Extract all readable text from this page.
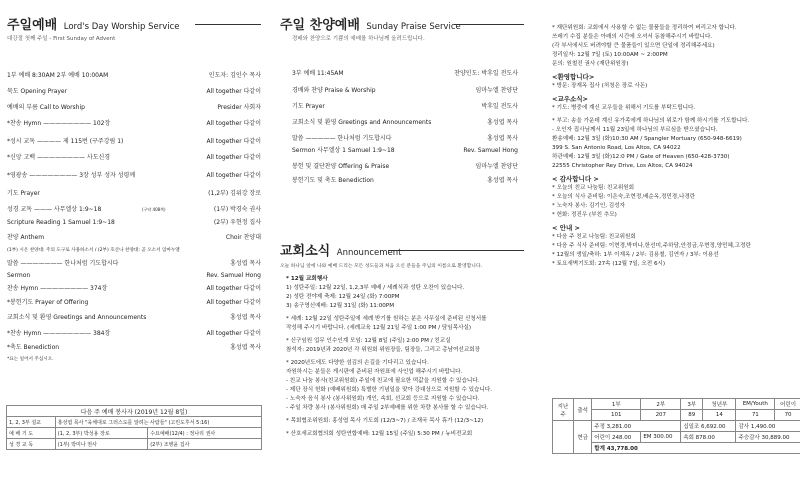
주일예배 Lord's Day Worship Service
대강절 첫째 주일 - First Sunday of Advent
1부 예배 8:30AM 2부 예배 10:00AM	인도자: 김인수 목사
묵도 Opening Prayer	All together 다같이
예배의 부름 Call to Worship	Presider 사회자
*찬송 Hymn ———————— 102장	All together 다같이
*성시 교독 ———— 제 115번 (구주강림 1)	All together 다같이
*신앙 고백 ———————— 사도신경	All together 다같이
*영광송 ———————— 3장 성부 성자 성령께	All together 다같이
기도 Prayer	(1,2부) 김위강 장로
성경 교독 ——— 사무엘상 1:9~18	(구약 408쪽)	(1부) 박경숙 권사
Scripture Reading 1 Samuel 1:9~18	(2부) 우현정 집사
찬양 Anthem	Choir 찬양대
(1부) 시온 찬양대: 주의 도구로 사용하소서 / (2부) 호산나 찬양대: 곧 오소서 임마누엘
말씀 ——————— 한나처럼 기도합시다	홍성엽 목사
Sermon	Rev. Samuel Hong
찬송 Hymn ———————— 374장	All together 다같이
*봉헌기도 Prayer of Offering	All together 다같이
교회소식 및 환영 Greetings and Announcements	홍성엽 목사
*찬송 Hymn ———————— 384장	All together 다같이
*축도 Benediction	홍성엽 목사
*표는 일어서 주십시오.
다음 주 예배 봉사자 (2019년 12월 8일)		
1, 2, 3부 설교	홍성엽 목사 "육체대로 그러스도를 알려는 사람들" (고린도후서 5:16)	
예 배 기 도	(1, 2, 3부) 박성용 장로	수요예배(12/4) : 정나리 권사
성 경 교 독	(1부) 박미나 권사	(2부) 조병윤 집사
주일 찬양예배 Sunday Praise Service
경배와 찬양으로 기쁨의 예배를 하나님께 올려드립니다.
3부 예배 11:45AM	찬양인도: 박후일 전도사
경배와 찬양 Praise & Worship	임마누엘 찬양단
기도 Prayer	박후일 전도사
교회소식 및 환영 Greetings and Announcements	홍성엽 목사
말씀 ————— 한나처럼 기도합시다	홍성엽 목사
Sermon 사무엘상 1 Samuel 1:9~18	Rev. Samuel Hong
봉헌 및 결단찬양 Offering & Praise	임마누엘 찬양단
봉헌기도 및 축도 Benediction	홍성엽 목사
교회소식 Announcement
오늘 하나님 앞에 나와 예배 드리는 모든 성도들과 처음 오신 분들을 주님의 이름으로 환영합니다.

* 12월 교회행사

1) 성탄주일: 12월 22일, 1,2,3부 예배 / 세례식과 성탄 오찬이 있습니다.

2) 성탄 전야제 축제: 12월 24일 (화) 7:00PM

3) 송구영신예배: 12월 31일 (화) 11:00PM

* 세례: 12월 22일 성탄주일에 세례 받기를 원하는 분은 사무실에 준비된 신청서를

작성해 주시기 바랍니다. (세례교육 12월 21일 주일 1:00 PM / 담임목사실)

* 신구임원 업무 인수인계 모임: 12월 8일 (주일) 2:00 PM / 친교실

참석자: 2019년과 2020년 각 위원회 위원장들, 팀장들, 그리고 총남여선교회장

* 2020년도에도 다양한 섬김의 손길을 기다리고 있습니다.

자원하시는 분들은 게시판에 준비된 자원표에 사인업 해주시기 바랍니다.

- 친교 나눔 봉사(친교위원회) 주일에 친교에 필요한 떡값을 지원할 수 있습니다.

- 제단 장식 헌화 (예배위원회) 특별한 기념일을 맞아 강대상으로 지원할 수 있습니다.

- 노숙자 음식 봉사 (봉사위원회) 개인, 속회, 선교회 등으로 지원할 수 있습니다.

- 주일 차량 봉사 (봉사위원회) 매 주일 2부예배를 위한 차량 봉사를 할 수 있습니다.

* 목회협조위원회: 홍성엽 목사 기도회 (12/3~7) / 조재국 목사 휴가 (12/3~12)

* 산호세교회협의회 성탄연합예배: 12월 15일 (주일) 5:30 PM / 뉴비전교회

* 재단위원회: 교회에서 사용할 수 없는 물품들을 정리하여 버리고자 합니다.

쓰레기 수집 분들은 아래의 시간에 오셔서 동참해주시기 바랍니다.

(각 부서에서도 버려야할 큰 물품들이 있으면 단일에 정리해주세요)

정리일자: 12월 7일 (토) 10:00AM ~ 2:00PM

문의: 원철진 권사 (재단위원장)

<환영합니다>

* 방문: 장재옥 집사 (처청은 장로 사돈)

<교우소식>

* 기도: 병중에 계신 교우들을 위해서 기도를 부탁드립니다.

* 부고: 송을 가운데 계신 유가족에게 하나님의 위로가 함께 하시기를 기도합니다.

- 오인자 집사님께서 11월 23일에 하나님의 부르심을 받으셨습니다.

환송예배: 12월 3일 (화)10:30 AM / Spangler Mortuary (650-948-6619)

399 S. San Antonio Road, Los Altos, CA 94022

하관예배: 12월 3일 (화)12:0 PM / Gate of Heaven (650-428-3730)

22555 Christopher Rey Drive, Los Altos, CA 94024

< 감사합니다 >

* 오늘의 친교 나눔팀: 친교위원회

* 오늘의 식사 준비팀: 이은숙,조현정,배순옥,정민경,나경란

* 노숙자 봉사: 김기인, 김성자

* 헌화: 정진우 (부친 추모)

< 안내 >

* 다음 주 친교 나눔팀: 친교위원회

* 다음 주 식사 준비팀: 이현경,박미나,한선미,주하담,안정금,우현정,양민혜,고정란

* 12월의 생일/축하: 1부 이재옥 / 2부: 김용철, 김연자 / 3부: 이용선

* 토요새벽기도회: 27속 (12월 7일, 오전 6시)

지난 주	출석	1부	2부	3부	청년부	EM/Youth	어린이
		101	207	89	14	71	70
	현금	주정 3,281.00		십일조 6,692.00		감사 1,490.00	
		어린이 248.00	EM 300.00	속회 878.00		주승감사 30,889.00	
		합계 43,778.00					
